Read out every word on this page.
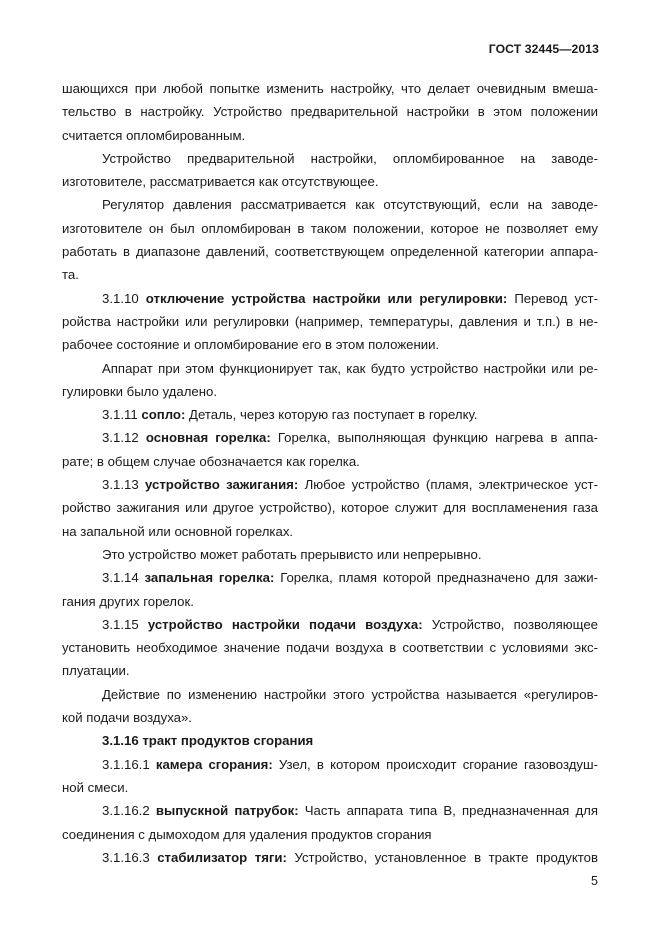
ГОСТ 32445—2013
шающихся при любой попытке изменить настройку, что делает очевидным вмеша-
тельство в настройку. Устройство предварительной настройки в этом положении
считается опломбированным.
Устройство предварительной настройки, опломбированное на заводе-
изготовителе, рассматривается как отсутствующее.
Регулятор давления рассматривается как отсутствующий, если на заводе-
изготовителе он был опломбирован в таком положении, которое не позволяет ему
работать в диапазоне давлений, соответствующем определенной категории аппара-
та.
3.1.10 отключение устройства настройки или регулировки: Перевод уст-
ройства настройки или регулировки (например, температуры, давления и т.п.) в не-
рабочее состояние и опломбирование его в этом положении.
Аппарат при этом функционирует так, как будто устройство настройки или ре-
гулировки было удалено.
3.1.11 сопло: Деталь, через которую газ поступает в горелку.
3.1.12 основная горелка: Горелка, выполняющая функцию нагрева в аппа-
рате; в общем случае обозначается как горелка.
3.1.13 устройство зажигания: Любое устройство (пламя, электрическое уст-
ройство зажигания или другое устройство), которое служит для воспламенения газа
на запальной или основной горелках.
Это устройство может работать прерывисто или непрерывно.
3.1.14 запальная горелка: Горелка, пламя которой предназначено для зажи-
гания других горелок.
3.1.15 устройство настройки подачи воздуха: Устройство, позволяющее
установить необходимое значение подачи воздуха в соответствии с условиями экс-
плуатации.
Действие по изменению настройки этого устройства называется «регулиров-
кой подачи воздуха».
3.1.16 тракт продуктов сгорания
3.1.16.1 камера сгорания: Узел, в котором происходит сгорание газовоздуш-
ной смеси.
3.1.16.2 выпускной патрубок: Часть аппарата типа В, предназначенная для
соединения с дымоходом для удаления продуктов сгорания
3.1.16.3 стабилизатор тяги: Устройство, установленное в тракте продуктов
5
